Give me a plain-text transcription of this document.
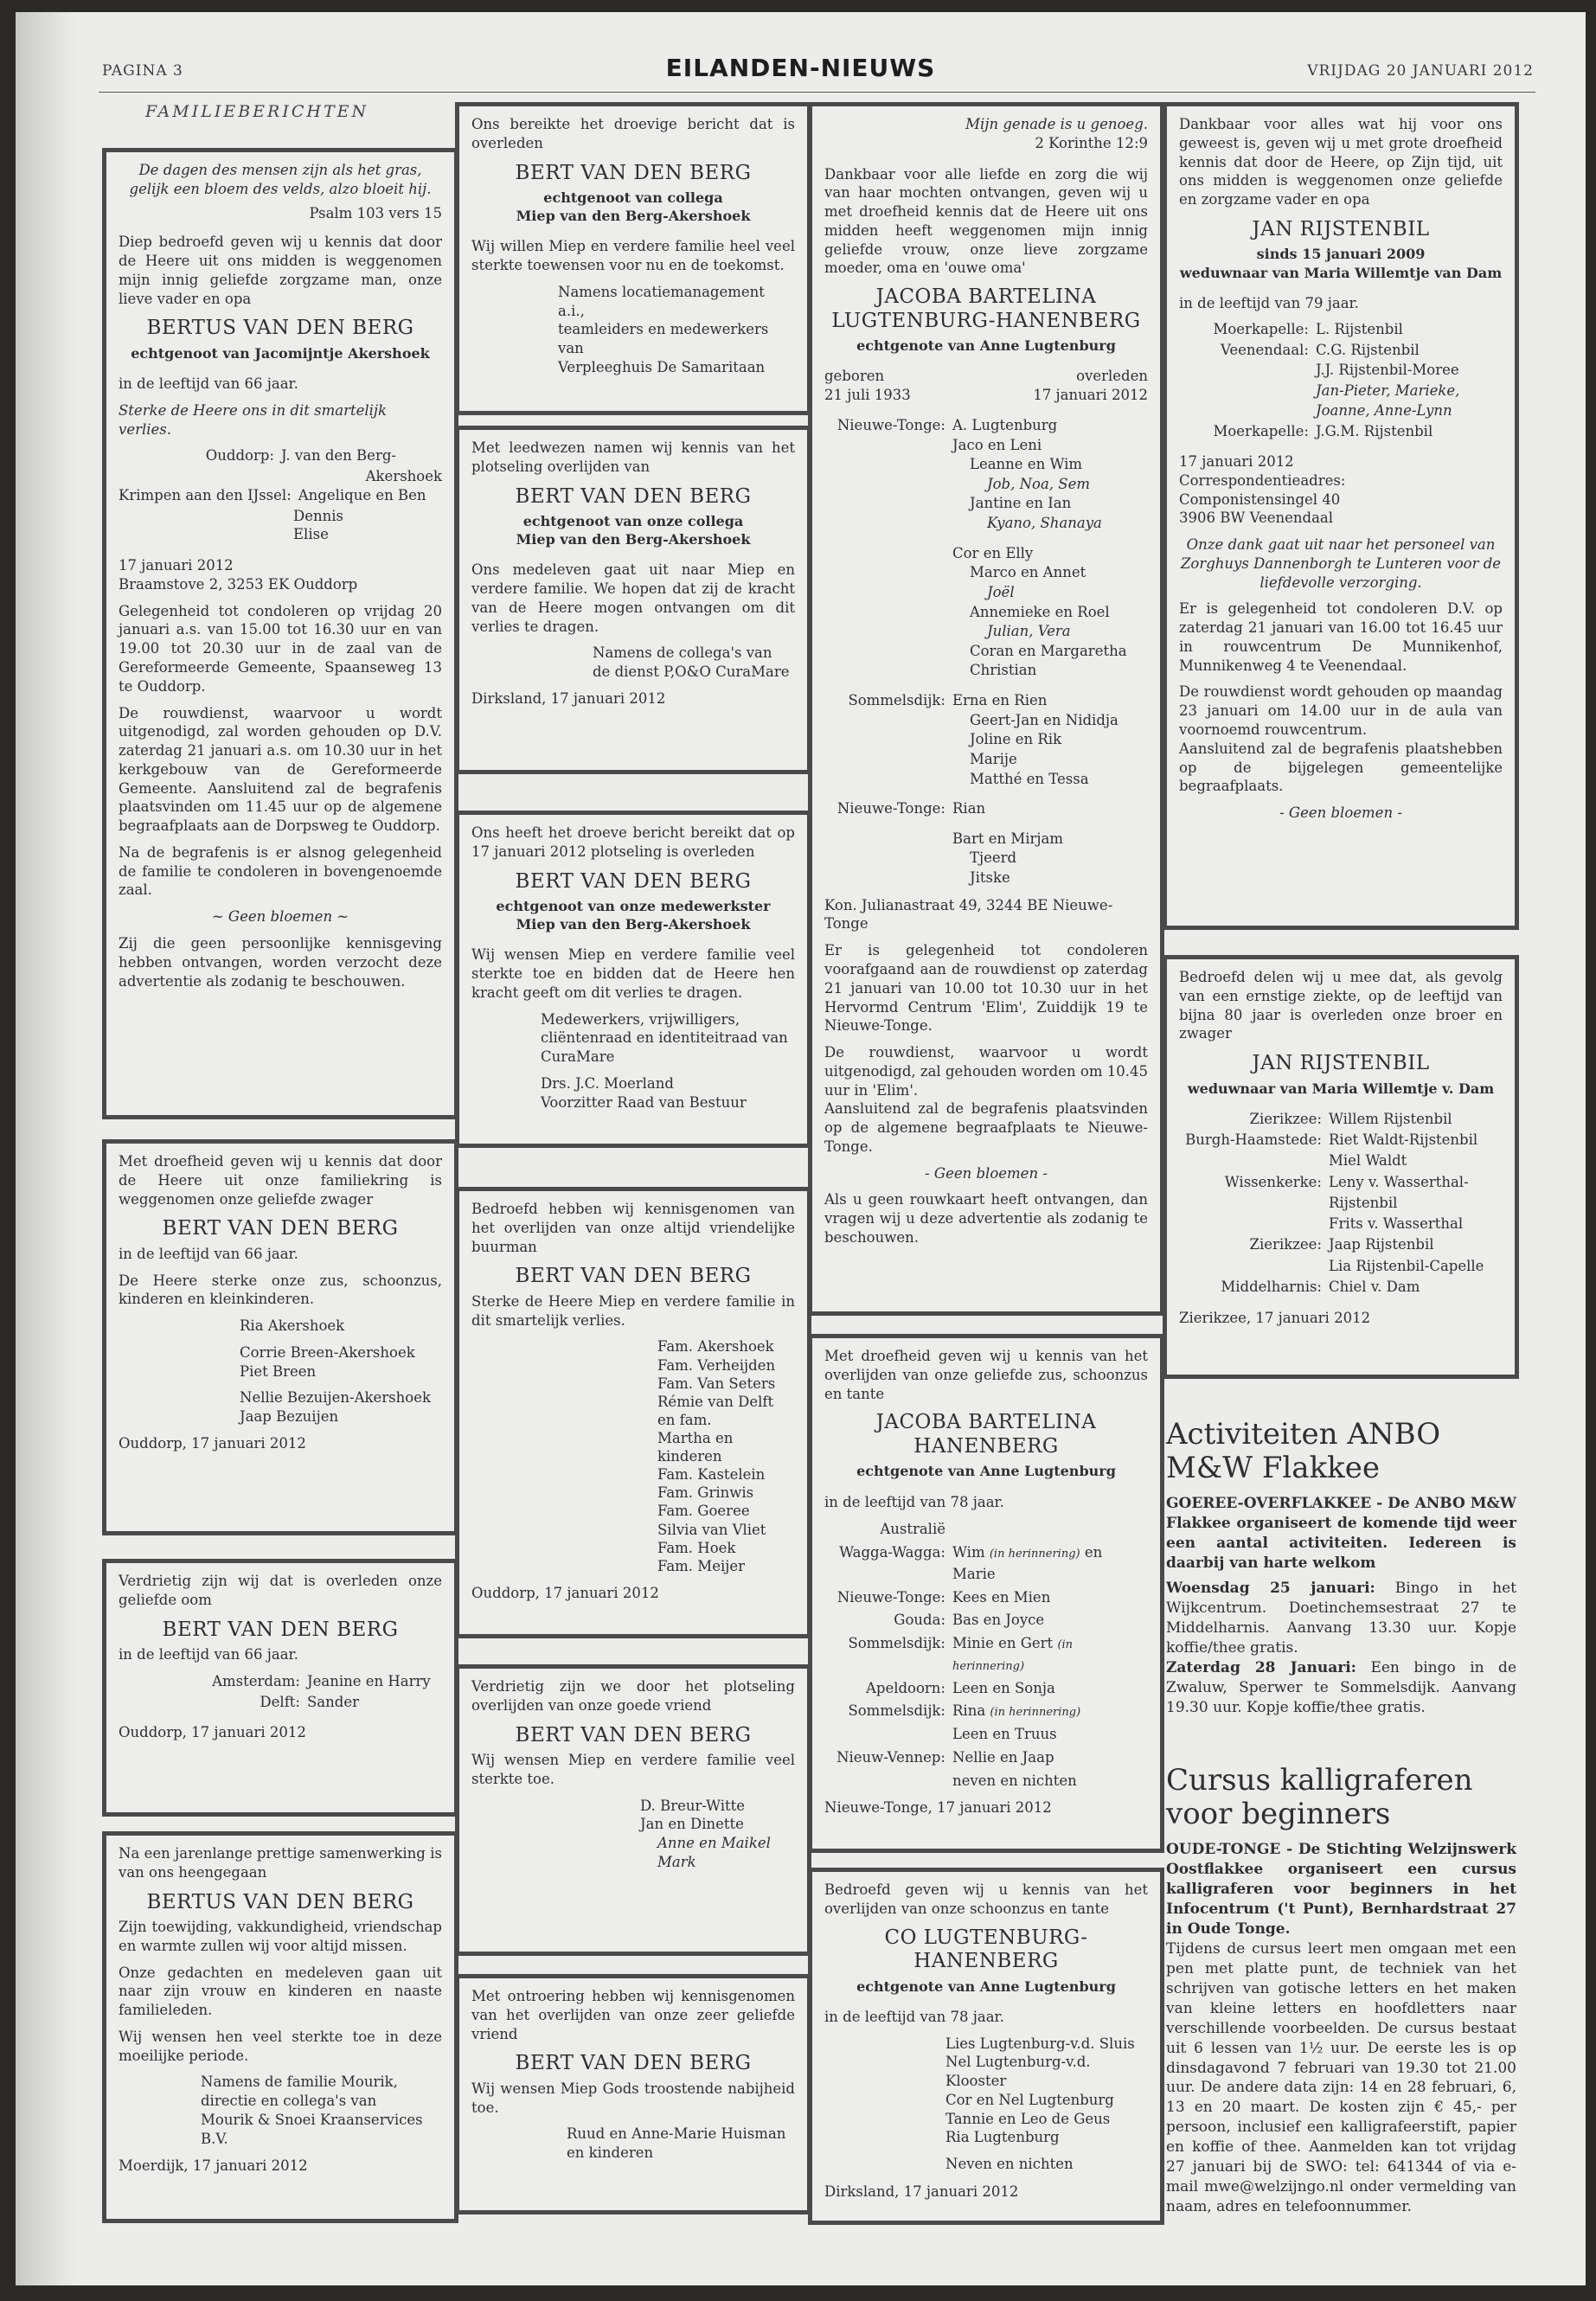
PAGINA 3	EILANDEN-NIEUWS	VRIJDAG 20 JANUARI 2012
FAMILIEBERICHTEN

De dagen des mensen zijn als het gras,

gelijk een bloem des velds, alzo bloeit hij.

Psalm 103 vers 15

Diep bedroefd geven wij u kennis dat door de Heere uit ons midden is weggenomen mijn innig geliefde zorgzame man, onze lieve vader en opa

BERTUS VAN DEN BERG
echtgenoot van Jacomijntje Akershoek

in de leeftijd van 66 jaar.

Sterke de Heere ons in dit smartelijk verlies.

Ouddorp: J. van den Berg-
Akershoek
Krimpen aan den IJssel: Angelique en Ben
Dennis
Elise
17 januari 2012

Braamstove 2, 3253 EK Ouddorp

Gelegenheid tot condoleren op vrijdag 20 januari a.s. van 15.00 tot 16.30 uur en van 19.00 tot 20.30 uur in de zaal van de Gereformeerde Gemeente, Spaanseweg 13 te Ouddorp.

De rouwdienst, waarvoor u wordt uitgenodigd, zal worden gehouden op D.V. zaterdag 21 januari a.s. om 10.30 uur in het kerkgebouw van de Gereformeerde Gemeente. Aansluitend zal de begrafenis plaatsvinden om 11.45 uur op de algemene begraafplaats aan de Dorpsweg te Ouddorp.

Na de begrafenis is er alsnog gelegenheid de familie te condoleren in bovengenoemde zaal.

~ Geen bloemen ~

Zij die geen persoonlijke kennisgeving hebben ontvangen, worden verzocht deze advertentie als zodanig te beschouwen.

Met droefheid geven wij u kennis dat door de Heere uit onze familiekring is weggenomen onze geliefde zwager

BERT VAN DEN BERG

in de leeftijd van 66 jaar.

De Heere sterke onze zus, schoonzus, kinderen en kleinkinderen.

Ria Akershoek

Corrie Breen-Akershoek

Piet Breen

Nellie Bezuijen-Akershoek

Jaap Bezuijen

Ouddorp, 17 januari 2012

Verdrietig zijn wij dat is overleden onze geliefde oom

BERT VAN DEN BERG

in de leeftijd van 66 jaar.

Amsterdam: Jeanine en Harry
Delft: Sander

Ouddorp, 17 januari 2012

Na een jarenlange prettige samenwerking is van ons heengegaan

BERTUS VAN DEN BERG

Zijn toewijding, vakkundigheid, vriendschap en warmte zullen wij voor altijd missen.

Onze gedachten en medeleven gaan uit naar zijn vrouw en kinderen en naaste familieleden.

Wij wensen hen veel sterkte toe in deze moeilijke periode.

Namens de familie Mourik,
directie en collega's van

Mourik & Snoei Kraanservices B.V.

Moerdijk, 17 januari 2012

Ons bereikte het droevige bericht dat is overleden

BERT VAN DEN BERG
echtgenoot van collega
Miep van den Berg-Akershoek

Wij willen Miep en verdere familie heel veel sterkte toewensen voor nu en de toekomst.

Namens locatiemanagement a.i.,
teamleiders en medewerkers van
Verpleeghuis De Samaritaan

Met leedwezen namen wij kennis van het plotseling overlijden van

BERT VAN DEN BERG
echtgenoot van onze collega
Miep van den Berg-Akershoek

Ons medeleven gaat uit naar Miep en verdere familie. We hopen dat zij de kracht van de Heere mogen ontvangen om dit verlies te dragen.

Namens de collega's van

de dienst P,O&O CuraMare

Dirksland, 17 januari 2012

Ons heeft het droeve bericht bereikt dat op 17 januari 2012 plotseling is overleden

BERT VAN DEN BERG
echtgenoot van onze medewerkster
Miep van den Berg-Akershoek

Wij wensen Miep en verdere familie veel sterkte toe en bidden dat de Heere hen kracht geeft om dit verlies te dragen.

Medewerkers, vrijwilligers, cliëntenraad en identiteitraad van CuraMare

Drs. J.C. Moerland
Voorzitter Raad van Bestuur

Bedroefd hebben wij kennisgenomen van het overlijden van onze altijd vriendelijke buurman

BERT VAN DEN BERG

Sterke de Heere Miep en verdere familie in dit smartelijk verlies.

Fam. Akershoek
Fam. Verheijden
Fam. Van Seters
Rémie van Delft en fam.
Martha en kinderen
Fam. Kastelein
Fam. Grinwis
Fam. Goeree
Silvia van Vliet
Fam. Hoek
Fam. Meijer

Ouddorp, 17 januari 2012

Verdrietig zijn we door het plotseling overlijden van onze goede vriend

BERT VAN DEN BERG

Wij wensen Miep en verdere familie veel sterkte toe.

D. Breur-Witte
Jan en Dinette
Anne en Maikel
Mark

Met ontroering hebben wij kennisgenomen van het overlijden van onze zeer geliefde vriend

BERT VAN DEN BERG

Wij wensen Miep Gods troostende nabijheid toe.

Ruud en Anne-Marie Huisman
en kinderen
Mijn genade is u genoeg.

2 Korinthe 12:9

Dankbaar voor alle liefde en zorg die wij van haar mochten ontvangen, geven wij u met droefheid kennis dat de Heere uit ons midden heeft weggenomen mijn innig geliefde vrouw, onze lieve zorgzame moeder, oma en 'ouwe oma'

JACOBA BARTELINA
LUGTENBURG-HANENBERG
echtgenote van Anne Lugtenburg
geboren	overleden
21 juli 1933	17 januari 2012
Nieuwe-Tonge: A. Lugtenburg
Jaco en Leni
Leanne en Wim
Job, Noa, Sem
Jantine en Ian
Kyano, Shanaya
Cor en Elly
Marco en Annet
Joël
Annemieke en Roel
Julian, Vera
Coran en Margaretha
Christian
Sommelsdijk: Erna en Rien
Geert-Jan en Nididja
Joline en Rik
Marije
Matthé en Tessa
Nieuwe-Tonge: Rian
Bart en Mirjam
Tjeerd
Jitske

Kon. Julianastraat 49, 3244 BE Nieuwe-Tonge

Er is gelegenheid tot condoleren voorafgaand aan de rouwdienst op zaterdag 21 januari van 10.00 tot 10.30 uur in het Hervormd Centrum 'Elim', Zuiddijk 19 te Nieuwe-Tonge.

De rouwdienst, waarvoor u wordt uitgenodigd, zal gehouden worden om 10.45 uur in 'Elim'.

Aansluitend zal de begrafenis plaatsvinden op de algemene begraafplaats te Nieuwe-Tonge.

- Geen bloemen -

Als u geen rouwkaart heeft ontvangen, dan vragen wij u deze advertentie als zodanig te beschouwen.

Met droefheid geven wij u kennis van het overlijden van onze geliefde zus, schoonzus en tante

JACOBA BARTELINA
HANENBERG
echtgenote van Anne Lugtenburg

in de leeftijd van 78 jaar.

Australië
Wagga-Wagga: Wim (in herinnering) en Marie
Nieuwe-Tonge: Kees en Mien
Gouda: Bas en Joyce
Sommelsdijk: Minie en Gert (in herinnering)
Apeldoorn: Leen en Sonja
Sommelsdijk: Rina (in herinnering)
Leen en Truus
Nieuw-Vennep: Nellie en Jaap
neven en nichten

Nieuwe-Tonge, 17 januari 2012

Bedroefd geven wij u kennis van het overlijden van onze schoonzus en tante

CO LUGTENBURG-
HANENBERG
echtgenote van Anne Lugtenburg

in de leeftijd van 78 jaar.

Lies Lugtenburg-v.d. Sluis
Nel Lugtenburg-v.d. Klooster
Cor en Nel Lugtenburg
Tannie en Leo de Geus

Ria Lugtenburg

Neven en nichten

Dirksland, 17 januari 2012

Dankbaar voor alles wat hij voor ons geweest is, geven wij u met grote droefheid kennis dat door de Heere, op Zijn tijd, uit ons midden is weggenomen onze geliefde en zorgzame vader en opa

JAN RIJSTENBIL
sinds 15 januari 2009
weduwnaar van Maria Willemtje van Dam

in de leeftijd van 79 jaar.

Moerkapelle: L. Rijstenbil
Veenendaal: C.G. Rijstenbil
J.J. Rijstenbil-Moree
Jan-Pieter, Marieke,
Joanne, Anne-Lynn
Moerkapelle: J.G.M. Rijstenbil
17 januari 2012
Correspondentieadres:
Componistensingel 40

3906 BW Veenendaal

Onze dank gaat uit naar het personeel van Zorghuys Dannenborgh te Lunteren voor de liefdevolle verzorging.

Er is gelegenheid tot condoleren D.V. op zaterdag 21 januari van 16.00 tot 16.45 uur in rouwcentrum De Munnikenhof, Munnikenweg 4 te Veenendaal.

De rouwdienst wordt gehouden op maandag 23 januari om 14.00 uur in de aula van voornoemd rouwcentrum.

Aansluitend zal de begrafenis plaatshebben op de bijgelegen gemeentelijke begraafplaats.

- Geen bloemen -

Bedroefd delen wij u mee dat, als gevolg van een ernstige ziekte, op de leeftijd van bijna 80 jaar is overleden onze broer en zwager

JAN RIJSTENBIL
weduwnaar van Maria Willemtje v. Dam
Zierikzee: Willem Rijstenbil
Burgh-Haamstede: Riet Waldt-Rijstenbil
Miel Waldt
Wissenkerke: Leny v. Wasserthal-
Rijstenbil
Frits v. Wasserthal
Zierikzee: Jaap Rijstenbil
Lia Rijstenbil-Capelle
Middelharnis: Chiel v. Dam

Zierikzee, 17 januari 2012

Activiteiten ANBO M&W Flakkee

GOEREE-OVERFLAKKEE - De ANBO M&W Flakkee organiseert de komende tijd weer een aantal activiteiten. Iedereen is daarbij van harte welkom

Woensdag 25 januari: Bingo in het Wijkcentrum. Doetinchemsestraat 27 te Middelharnis. Aanvang 13.30 uur. Kopje koffie/thee gratis.

Zaterdag 28 Januari: Een bingo in de Zwaluw, Sperwer te Sommelsdijk. Aanvang 19.30 uur. Kopje koffie/thee gratis.

Cursus kalligraferen voor beginners

OUDE-TONGE - De Stichting Welzijnswerk Oostflakkee organiseert een cursus kalligraferen voor beginners in het Infocentrum ('t Punt), Bernhardstraat 27 in Oude Tonge.

Tijdens de cursus leert men omgaan met een pen met platte punt, de techniek van het schrijven van gotische letters en het maken van kleine letters en hoofdletters naar verschillende voorbeelden. De cursus bestaat uit 6 lessen van 1½ uur. De eerste les is op dinsdagavond 7 februari van 19.30 tot 21.00 uur. De andere data zijn: 14 en 28 februari, 6, 13 en 20 maart. De kosten zijn € 45,- per persoon, inclusief een kalligrafeerstift, papier en koffie of thee. Aanmelden kan tot vrijdag 27 januari bij de SWO: tel: 641344 of via e-mail mwe@welzijngo.nl onder vermelding van naam, adres en telefoonnummer.
